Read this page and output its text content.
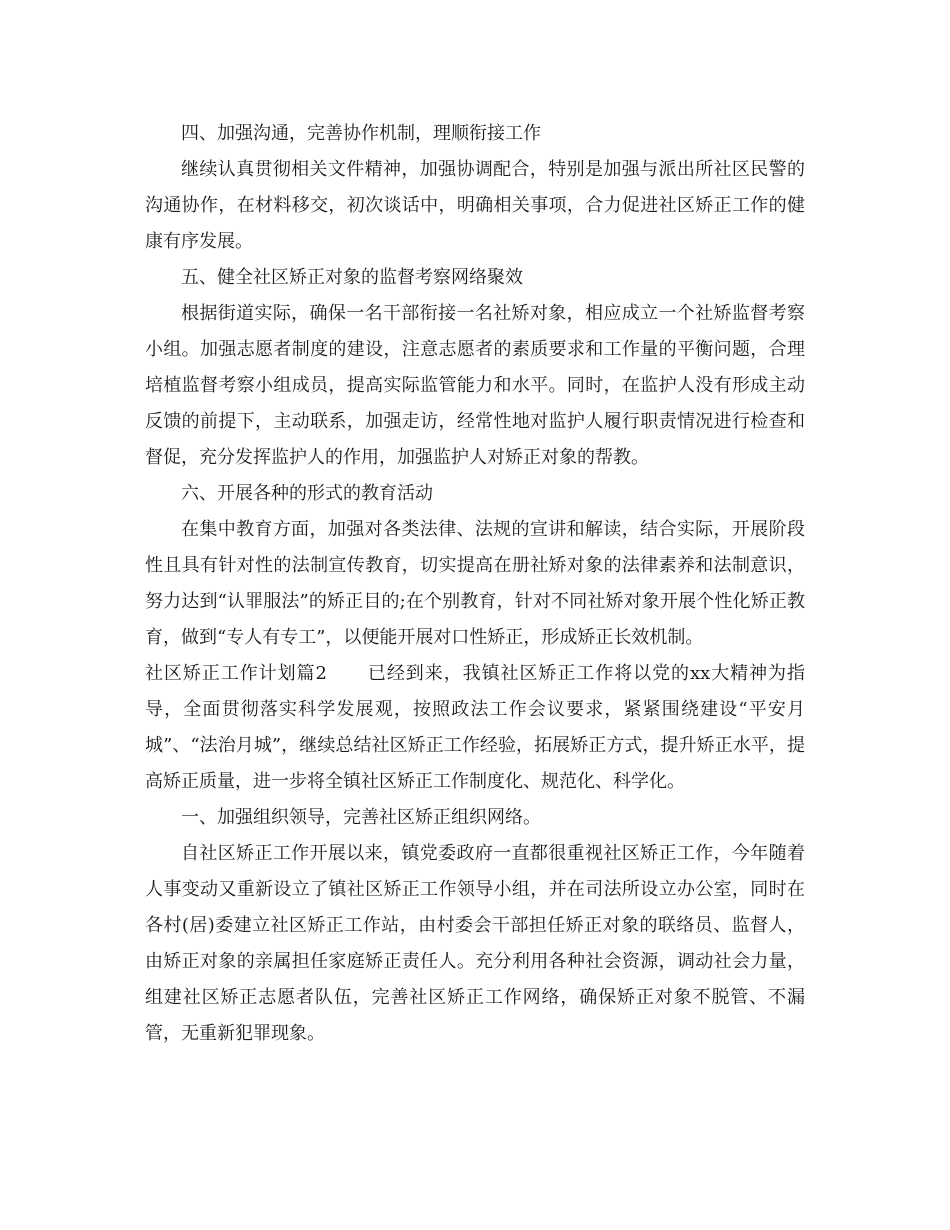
四、加强沟通，完善协作机制，理顺衔接工作

继续认真贯彻相关文件精神，加强协调配合，特别是加强与派出所社区民警的沟通协作，在材料移交，初次谈话中，明确相关事项，合力促进社区矫正工作的健康有序发展。

五、健全社区矫正对象的监督考察网络聚效

根据街道实际，确保一名干部衔接一名社矫对象，相应成立一个社矫监督考察小组。加强志愿者制度的建设，注意志愿者的素质要求和工作量的平衡问题，合理培植监督考察小组成员，提高实际监管能力和水平。同时，在监护人没有形成主动反馈的前提下，主动联系，加强走访，经常性地对监护人履行职责情况进行检查和督促，充分发挥监护人的作用，加强监护人对矫正对象的帮教。

六、开展各种的形式的教育活动

在集中教育方面，加强对各类法律、法规的宣讲和解读，结合实际，开展阶段性且具有针对性的法制宣传教育，切实提高在册社矫对象的法律素养和法制意识，努力达到“认罪服法”的矫正目的;在个别教育，针对不同社矫对象开展个性化矫正教育，做到“专人有专工”，以便能开展对口性矫正，形成矫正长效机制。

社区矫正工作计划篇2 已经到来，我镇社区矫正工作将以党的xx大精神为指导，全面贯彻落实科学发展观，按照政法工作会议要求，紧紧围绕建设“平安月城”、“法治月城”，继续总结社区矫正工作经验，拓展矫正方式，提升矫正水平，提高矫正质量，进一步将全镇社区矫正工作制度化、规范化、科学化。

一、加强组织领导，完善社区矫正组织网络。

自社区矫正工作开展以来，镇党委政府一直都很重视社区矫正工作，今年随着人事变动又重新设立了镇社区矫正工作领导小组，并在司法所设立办公室，同时在各村(居)委建立社区矫正工作站，由村委会干部担任矫正对象的联络员、监督人，由矫正对象的亲属担任家庭矫正责任人。充分利用各种社会资源，调动社会力量，组建社区矫正志愿者队伍，完善社区矫正工作网络，确保矫正对象不脱管、不漏管，无重新犯罪现象。
